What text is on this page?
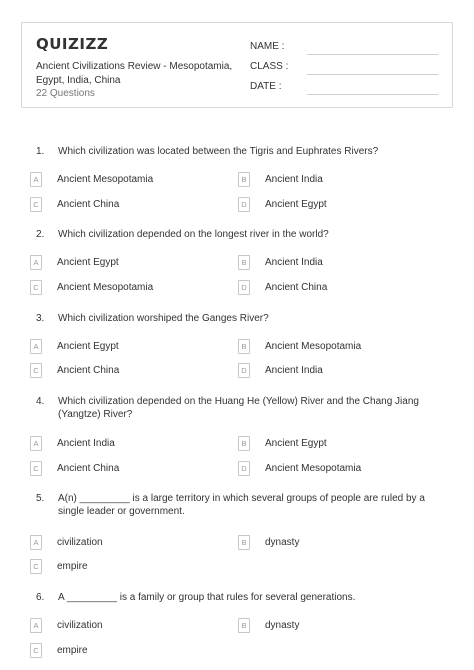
QUIZIZZ
Ancient Civilizations Review - Mesopotamia, Egypt, India, China
22 Questions
NAME :
CLASS :
DATE :
1. Which civilization was located between the Tigris and Euphrates Rivers?
A	Ancient Mesopotamia	B	Ancient India
C	Ancient China	D	Ancient Egypt
2. Which civilization depended on the longest river in the world?
A	Ancient Egypt	B	Ancient India
C	Ancient Mesopotamia	D	Ancient China
3. Which civilization worshiped the Ganges River?
A	Ancient Egypt	B	Ancient Mesopotamia
C	Ancient China	D	Ancient India
4. Which civilization depended on the Huang He (Yellow) River and the Chang Jiang (Yangtze) River?
A	Ancient India	B	Ancient Egypt
C	Ancient China	D	Ancient Mesopotamia
5. A(n) _________ is a large territory in which several groups of people are ruled by a single leader or government.
A	civilization	B	dynasty
C	empire
6. A _________ is a family or group that rules for several generations.
A	civilization	B	dynasty
C	empire
